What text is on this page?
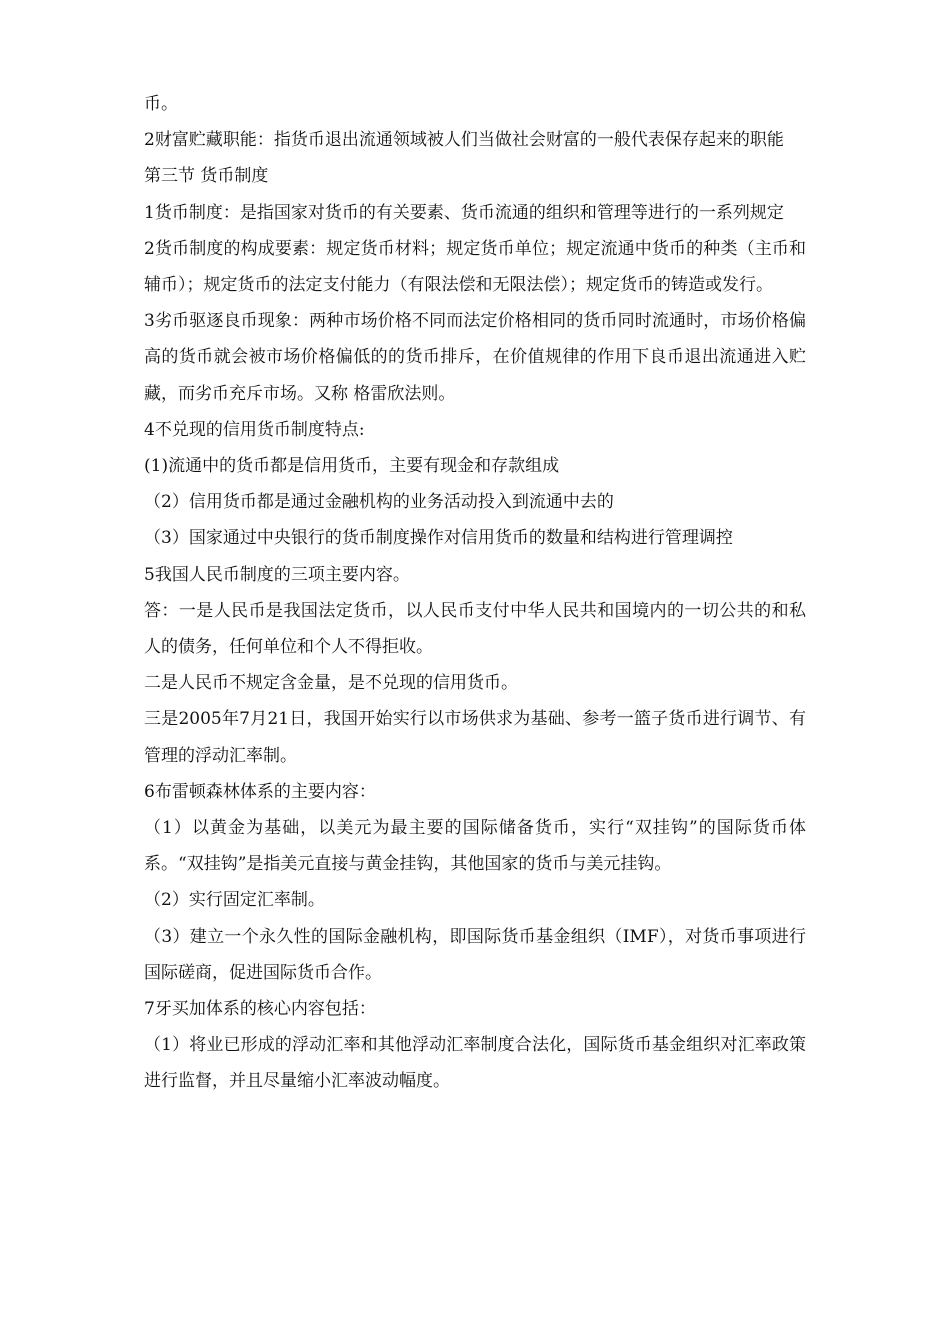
币。

2财富贮藏职能：指货币退出流通领域被人们当做社会财富的一般代表保存起来的职能

第三节 货币制度

1货币制度：是指国家对货币的有关要素、货币流通的组织和管理等进行的一系列规定

2货币制度的构成要素：规定货币材料；规定货币单位；规定流通中货币的种类（主币和辅币）；规定货币的法定支付能力（有限法偿和无限法偿）；规定货币的铸造或发行。

3劣币驱逐良币现象：两种市场价格不同而法定价格相同的货币同时流通时，市场价格偏高的货币就会被市场价格偏低的的货币排斥，在价值规律的作用下良币退出流通进入贮藏，而劣币充斥市场。又称 格雷欣法则。

4不兑现的信用货币制度特点:

(1)流通中的货币都是信用货币，主要有现金和存款组成

（2）信用货币都是通过金融机构的业务活动投入到流通中去的

（3）国家通过中央银行的货币制度操作对信用货币的数量和结构进行管理调控

5我国人民币制度的三项主要内容。

答：一是人民币是我国法定货币，以人民币支付中华人民共和国境内的一切公共的和私人的债务，任何单位和个人不得拒收。

二是人民币不规定含金量，是不兑现的信用货币。

三是2005年7月21日，我国开始实行以市场供求为基础、参考一篮子货币进行调节、有管理的浮动汇率制。

6布雷顿森林体系的主要内容：

（1）以黄金为基础，以美元为最主要的国际储备货币，实行“双挂钩”的国际货币体系。“双挂钩”是指美元直接与黄金挂钩，其他国家的货币与美元挂钩。

（2）实行固定汇率制。

（3）建立一个永久性的国际金融机构，即国际货币基金组织（IMF），对货币事项进行国际磋商，促进国际货币合作。

7牙买加体系的核心内容包括：

（1）将业已形成的浮动汇率和其他浮动汇率制度合法化，国际货币基金组织对汇率政策进行监督，并且尽量缩小汇率波动幅度。
